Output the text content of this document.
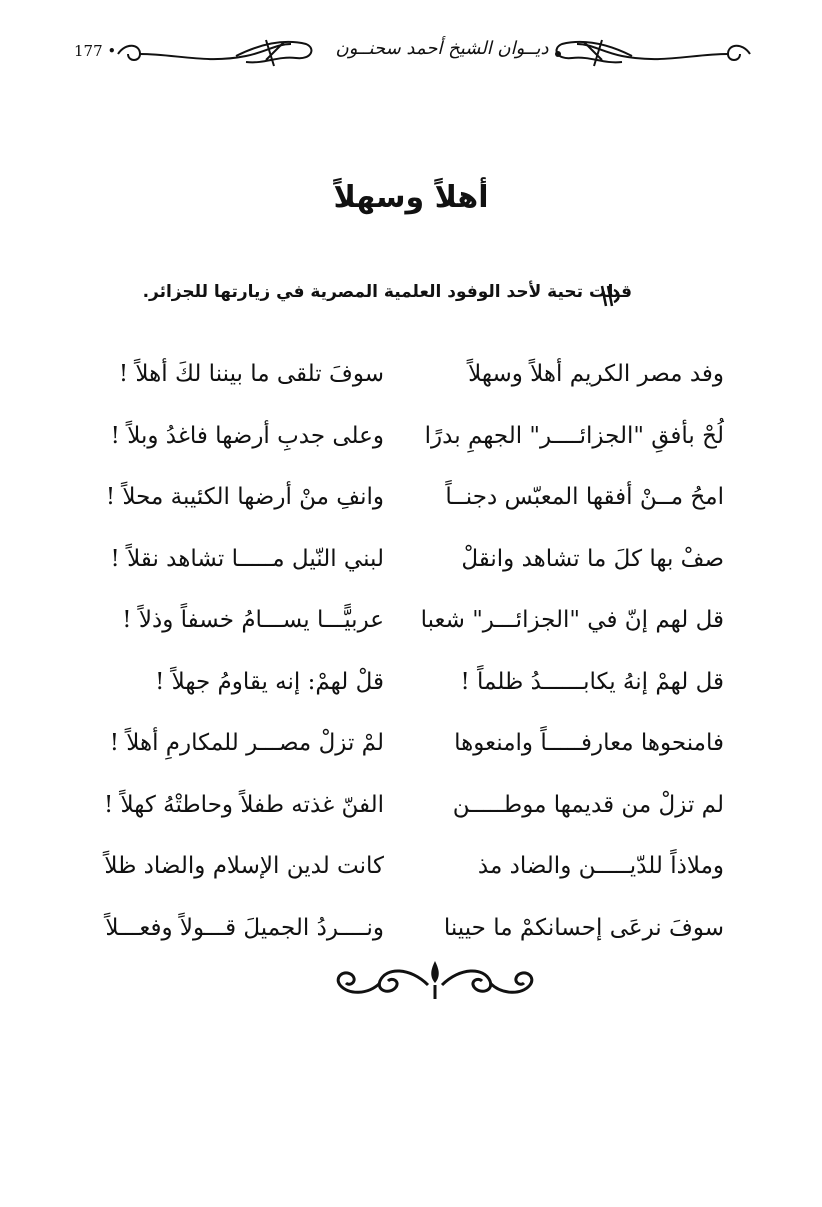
177 •	ديــوان الشيخ أحمد سحنــون
أهلاً وسهلاً
قيلت تحية لأحد الوفود العلمية المصرية في زيارتها للجزائر.
وفد مصر الكريم أهلاً وسهلاً
سوفَ تلقى ما بيننا لكَ أهلاً !
لُحْ بأفقِ "الجزائــــر" الجهمِ بدرًا
وعلى جدبِ أرضها فاغدُ وبلاً !
امحُ مــنْ أفقها المعبّس دجنــاً
وانفِ منْ أرضها الكئيبة محلاً !
صفْ بها كلَ ما تشاهد وانقلْ
لبني النّيل مـــــا تشاهد نقلاً !
قل لهم إنّ في "الجزائـــر" شعبا
عربيًّـــا يســـامُ خسفاً وذلاً !
قل لهمْ إنهُ يكابــــــدُ ظلماً !
قلْ لهمْ: إنه يقاومُ جهلاً !
فامنحوها معارفـــــاً وامنعوها
لمْ تزلْ مصـــر للمكارمِ أهلاً !
لم تزلْ من قديمها موطـــــن
الفنّ غذته طفلاً وحاطتْهُ كهلاً !
وملاذاً للدّيـــــن والضاد مذ
كانت لدين الإسلام والضاد ظلاً
سوفَ نرعَى إحسانكمْ ما حيينا
ونــــردُ الجميلَ قـــولاً وفعـــلاً
